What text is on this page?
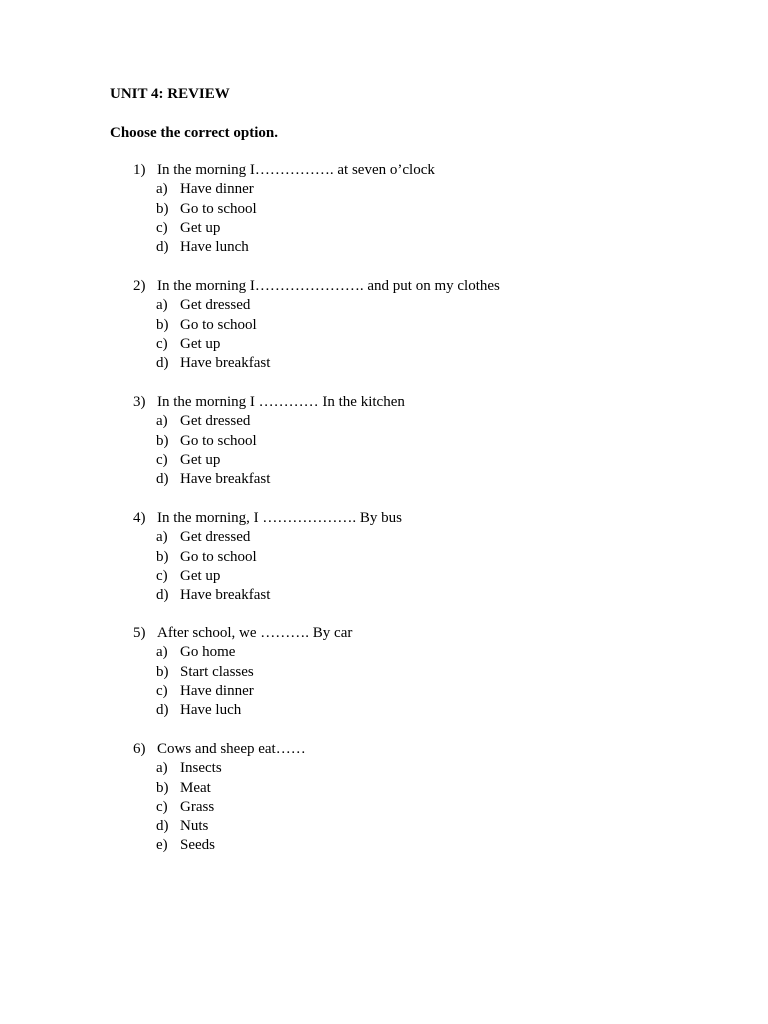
UNIT 4: REVIEW
Choose the correct option.
1) In the morning I……………. at seven o’clock
a) Have dinner
b) Go to school
c) Get up
d) Have lunch
2) In the morning I…………………. and put on my clothes
a) Get dressed
b) Go to school
c) Get up
d) Have breakfast
3) In the morning I ………… In the kitchen
a) Get dressed
b) Go to school
c) Get up
d) Have breakfast
4) In the morning, I ………………. By bus
a) Get dressed
b) Go to school
c) Get up
d) Have breakfast
5) After school, we ………. By car
a) Go home
b) Start classes
c) Have dinner
d) Have luch
6) Cows and sheep eat……
a) Insects
b) Meat
c) Grass
d) Nuts
e) Seeds
